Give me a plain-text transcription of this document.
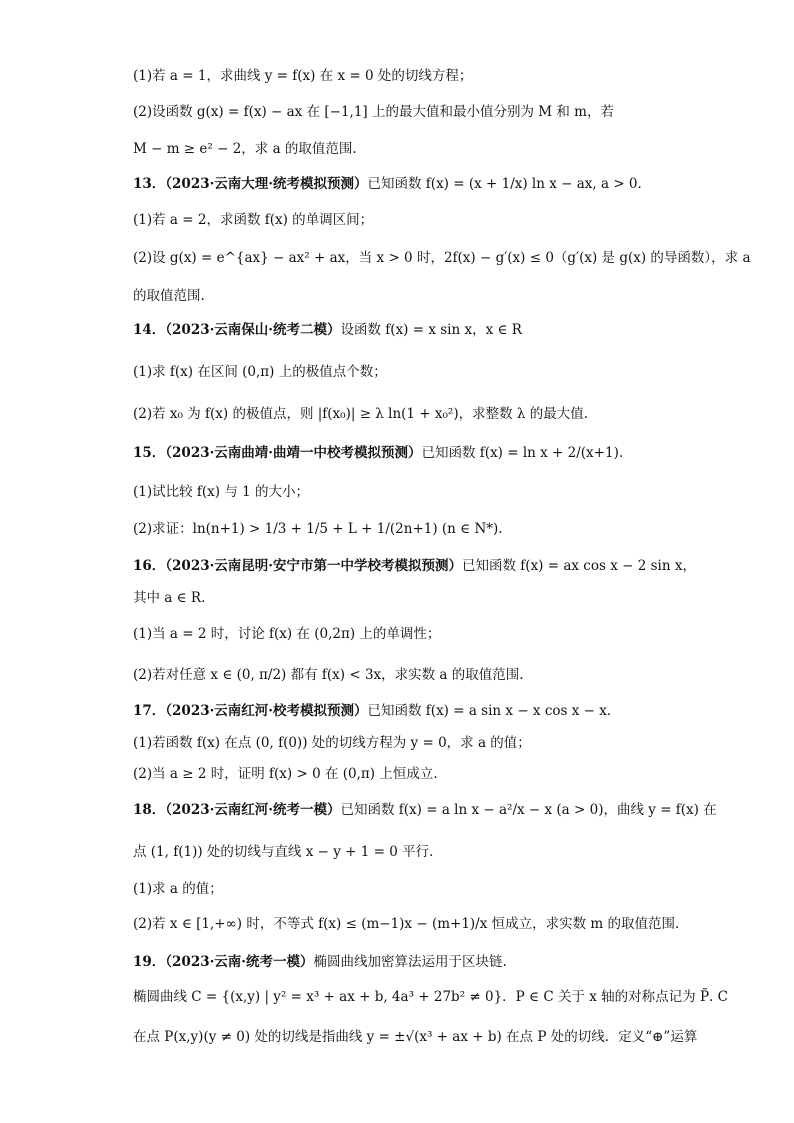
(1)若 a = 1，求曲线 y = f(x) 在 x = 0 处的切线方程；
(2)设函数 g(x) = f(x) − ax 在 [−1,1] 上的最大值和最小值分别为 M 和 m，若
M − m ≥ e² − 2，求 a 的取值范围.
13．（2023·云南大理·统考模拟预测）已知函数 f(x) = (x + 1/x) ln x − ax, a > 0．
(1)若 a = 2，求函数 f(x) 的单调区间；
(2)设 g(x) = e^{ax} − ax² + ax，当 x > 0 时，2f(x) − g′(x) ≤ 0（g′(x) 是 g(x) 的导函数），求 a
的取值范围.
14．（2023·云南保山·统考二模）设函数 f(x) = x sin x，x ∈ R
(1)求 f(x) 在区间 (0,π) 上的极值点个数；
(2)若 x₀ 为 f(x) 的极值点，则 |f(x₀)| ≥ λ ln(1 + x₀²)，求整数 λ 的最大值.
15．（2023·云南曲靖·曲靖一中校考模拟预测）已知函数 f(x) = ln x + 2/(x+1).
(1)试比较 f(x) 与 1 的大小；
(2)求证：ln(n+1) > 1/3 + 1/5 + L + 1/(2n+1) (n ∈ N*).
16．（2023·云南昆明·安宁市第一中学校考模拟预测）已知函数 f(x) = ax cos x − 2 sin x，
其中 a ∈ R.
(1)当 a = 2 时，讨论 f(x) 在 (0,2π) 上的单调性；
(2)若对任意 x ∈ (0, π/2) 都有 f(x) < 3x，求实数 a 的取值范围.
17．（2023·云南红河·校考模拟预测）已知函数 f(x) = a sin x − x cos x − x．
(1)若函数 f(x) 在点 (0, f(0)) 处的切线方程为 y = 0，求 a 的值；
(2)当 a ≥ 2 时，证明 f(x) > 0 在 (0,π) 上恒成立.
18．（2023·云南红河·统考一模）已知函数 f(x) = a ln x − a²/x − x (a > 0)，曲线 y = f(x) 在
点 (1, f(1)) 处的切线与直线 x − y + 1 = 0 平行.
(1)求 a 的值；
(2)若 x ∈ [1,+∞) 时，不等式 f(x) ≤ (m−1)x − (m+1)/x 恒成立，求实数 m 的取值范围.
19．（2023·云南·统考一模）椭圆曲线加密算法运用于区块链.
椭圆曲线 C = {(x,y) | y² = x³ + ax + b, 4a³ + 27b² ≠ 0}．P ∈ C 关于 x 轴的对称点记为 P̃. C
在点 P(x,y)(y ≠ 0) 处的切线是指曲线 y = ±√(x³ + ax + b) 在点 P 处的切线．定义“⊕”运算
